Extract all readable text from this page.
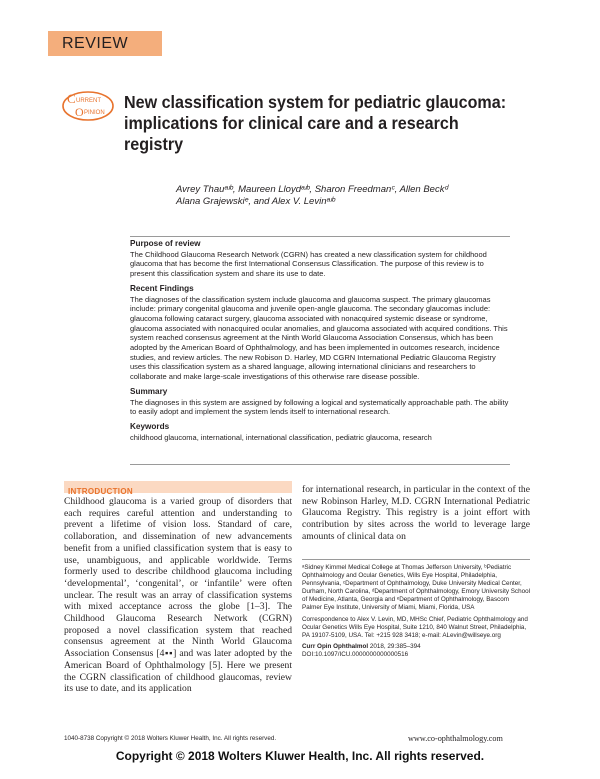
REVIEW
C URRENT
O PINION
New classification system for pediatric glaucoma: implications for clinical care and a research registry
Avrey Thauᵃʴᵇ, Maureen Lloydᵃʴᵇ, Sharon Freedmanᶜ, Allen Beckᵈ
Alana Grajewskiᵉ, and Alex V. Levinᵃʴᵇ
Purpose of review

The Childhood Glaucoma Research Network (CGRN) has created a new classification system for childhood glaucoma that has become the first International Consensus Classification. The purpose of this review is to present this classification system and share its use to date.

Recent Findings

The diagnoses of the classification system include glaucoma and glaucoma suspect. The primary glaucomas include: primary congenital glaucoma and juvenile open-angle glaucoma. The secondary glaucomas include: glaucoma following cataract surgery, glaucoma associated with nonacquired systemic disease or syndrome, glaucoma associated with nonacquired ocular anomalies, and glaucoma associated with acquired conditions. This system reached consensus agreement at the Ninth World Glaucoma Association Consensus, which has been adopted by the American Board of Ophthalmology, and has been implemented in outcomes research, incidence studies, and review articles. The new Robison D. Harley, MD CGRN International Pediatric Glaucoma Registry uses this classification system as a shared language, allowing international clinicians and researchers to collaborate and make large-scale investigations of this otherwise rare disease possible.

Summary

The diagnoses in this system are assigned by following a logical and systematically approachable path. The ability to easily adopt and implement the system lends itself to international research.

Keywords

childhood glaucoma, international, international classification, pediatric glaucoma, research

INTRODUCTION

Childhood glaucoma is a varied group of disorders that each requires careful attention and understanding to prevent a lifetime of vision loss. Standard of care, collaboration, and dissemination of new advancements benefit from a unified classification system that is easy to use, unambiguous, and applicable worldwide. Terms formerly used to describe childhood glaucoma including ‘developmental’, ‘congenital’, or ‘infantile’ were often unclear. The result was an array of classification systems with mixed acceptance across the globe [1–3]. The Childhood Glaucoma Research Network (CGRN) proposed a novel classification system that reached consensus agreement at the Ninth World Glaucoma Association Consensus [4▪▪] and was later adopted by the American Board of Ophthalmology [5]. Here we present the CGRN classification of childhood glaucomas, review its use to date, and its application

for international research, in particular in the context of the new Robinson Harley, M.D. CGRN International Pediatric Glaucoma Registry. This registry is a joint effort with contribution by sites across the world to leverage large amounts of clinical data on

ᵃSidney Kimmel Medical College at Thomas Jefferson University, ᵇPediatric Ophthalmology and Ocular Genetics, Wills Eye Hospital, Philadelphia, Pennsylvania, ᶜDepartment of Ophthalmology, Duke University Medical Center, Durham, North Carolina, ᵈDepartment of Ophthalmology, Emory University School of Medicine, Atlanta, Georgia and ᵉDepartment of Ophthalmology, Bascom Palmer Eye Institute, University of Miami, Miami, Florida, USA

Correspondence to Alex V. Levin, MD, MHSc Chief, Pediatric Ophthalmology and Ocular Genetics Wills Eye Hospital, Suite 1210, 840 Walnut Street, Philadelphia, PA 19107-5109, USA. Tel: +215 928 3418; e-mail: ALevin@willseye.org

Curr Opin Ophthalmol 2018, 29:385–394

DOI:10.1097/ICU.0000000000000516

1040-8738 Copyright © 2018 Wolters Kluwer Health, Inc. All rights reserved.	www.co-ophthalmology.com
Copyright © 2018 Wolters Kluwer Health, Inc. All rights reserved.
